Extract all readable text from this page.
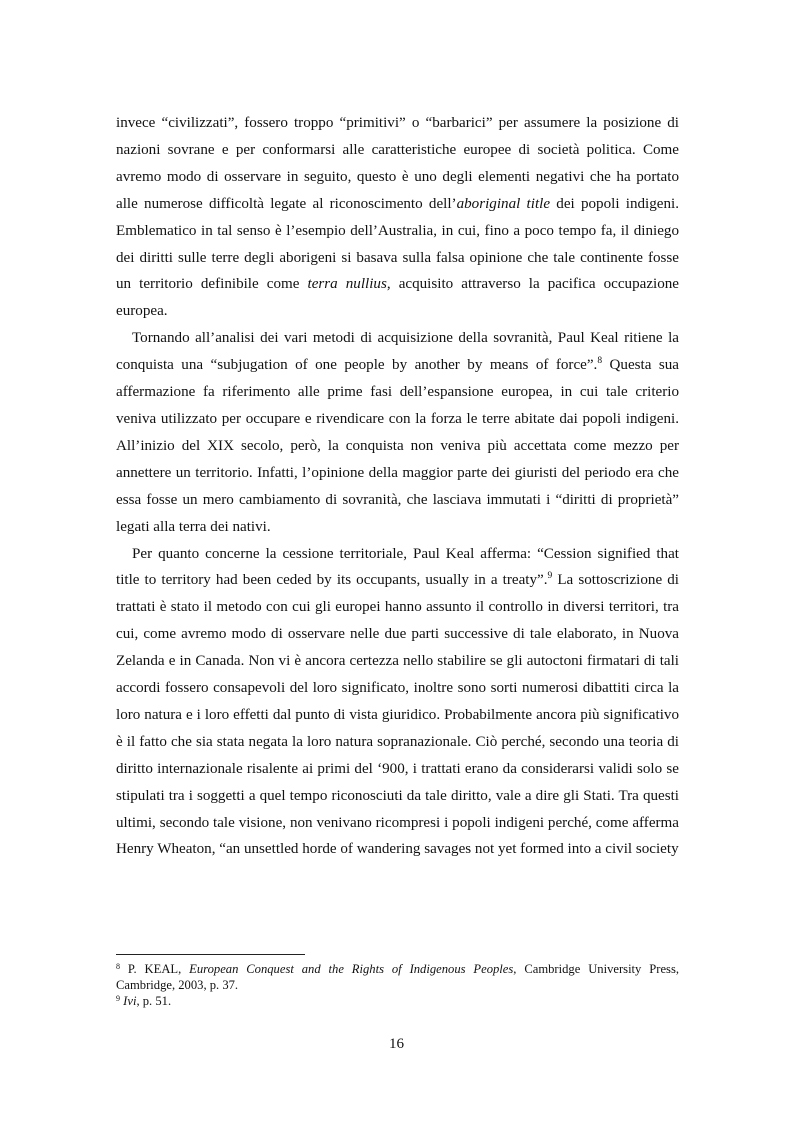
invece “civilizzati”, fossero troppo “primitivi” o “barbarici” per assumere la posizione di nazioni sovrane e per conformarsi alle caratteristiche europee di società politica. Come avremo modo di osservare in seguito, questo è uno degli elementi negativi che ha portato alle numerose difficoltà legate al riconoscimento dell’aboriginal title dei popoli indigeni. Emblematico in tal senso è l’esempio dell’Australia, in cui, fino a poco tempo fa, il diniego dei diritti sulle terre degli aborigeni si basava sulla falsa opinione che tale continente fosse un territorio definibile come terra nullius, acquisito attraverso la pacifica occupazione europea.

Tornando all’analisi dei vari metodi di acquisizione della sovranità, Paul Keal ritiene la conquista una “subjugation of one people by another by means of force”.$^8$ Questa sua affermazione fa riferimento alle prime fasi dell’espansione europea, in cui tale criterio veniva utilizzato per occupare e rivendicare con la forza le terre abitate dai popoli indigeni. All’inizio del XIX secolo, però, la conquista non veniva più accettata come mezzo per annettere un territorio. Infatti, l’opinione della maggior parte dei giuristi del periodo era che essa fosse un mero cambiamento di sovranità, che lasciava immutati i “diritti di proprietà” legati alla terra dei nativi.

Per quanto concerne la cessione territoriale, Paul Keal afferma: “Cession signified that title to territory had been ceded by its occupants, usually in a treaty”.$^9$ La sottoscrizione di trattati è stato il metodo con cui gli europei hanno assunto il controllo in diversi territori, tra cui, come avremo modo di osservare nelle due parti successive di tale elaborato, in Nuova Zelanda e in Canada. Non vi è ancora certezza nello stabilire se gli autoctoni firmatari di tali accordi fossero consapevoli del loro significato, inoltre sono sorti numerosi dibattiti circa la loro natura e i loro effetti dal punto di vista giuridico. Probabilmente ancora più significativo è il fatto che sia stata negata la loro natura sopranazionale. Ciò perché, secondo una teoria di diritto internazionale risalente ai primi del ‘900, i trattati erano da considerarsi validi solo se stipulati tra i soggetti a quel tempo riconosciuti da tale diritto, vale a dire gli Stati. Tra questi ultimi, secondo tale visione, non venivano ricompresi i popoli indigeni perché, come afferma Henry Wheaton, “an unsettled horde of wandering savages not yet formed into a civil society

$^8$ P. KEAL, European Conquest and the Rights of Indigenous Peoples, Cambridge University Press, Cambridge, 2003, p. 37.

$^9$ Ivi, p. 51.

16
